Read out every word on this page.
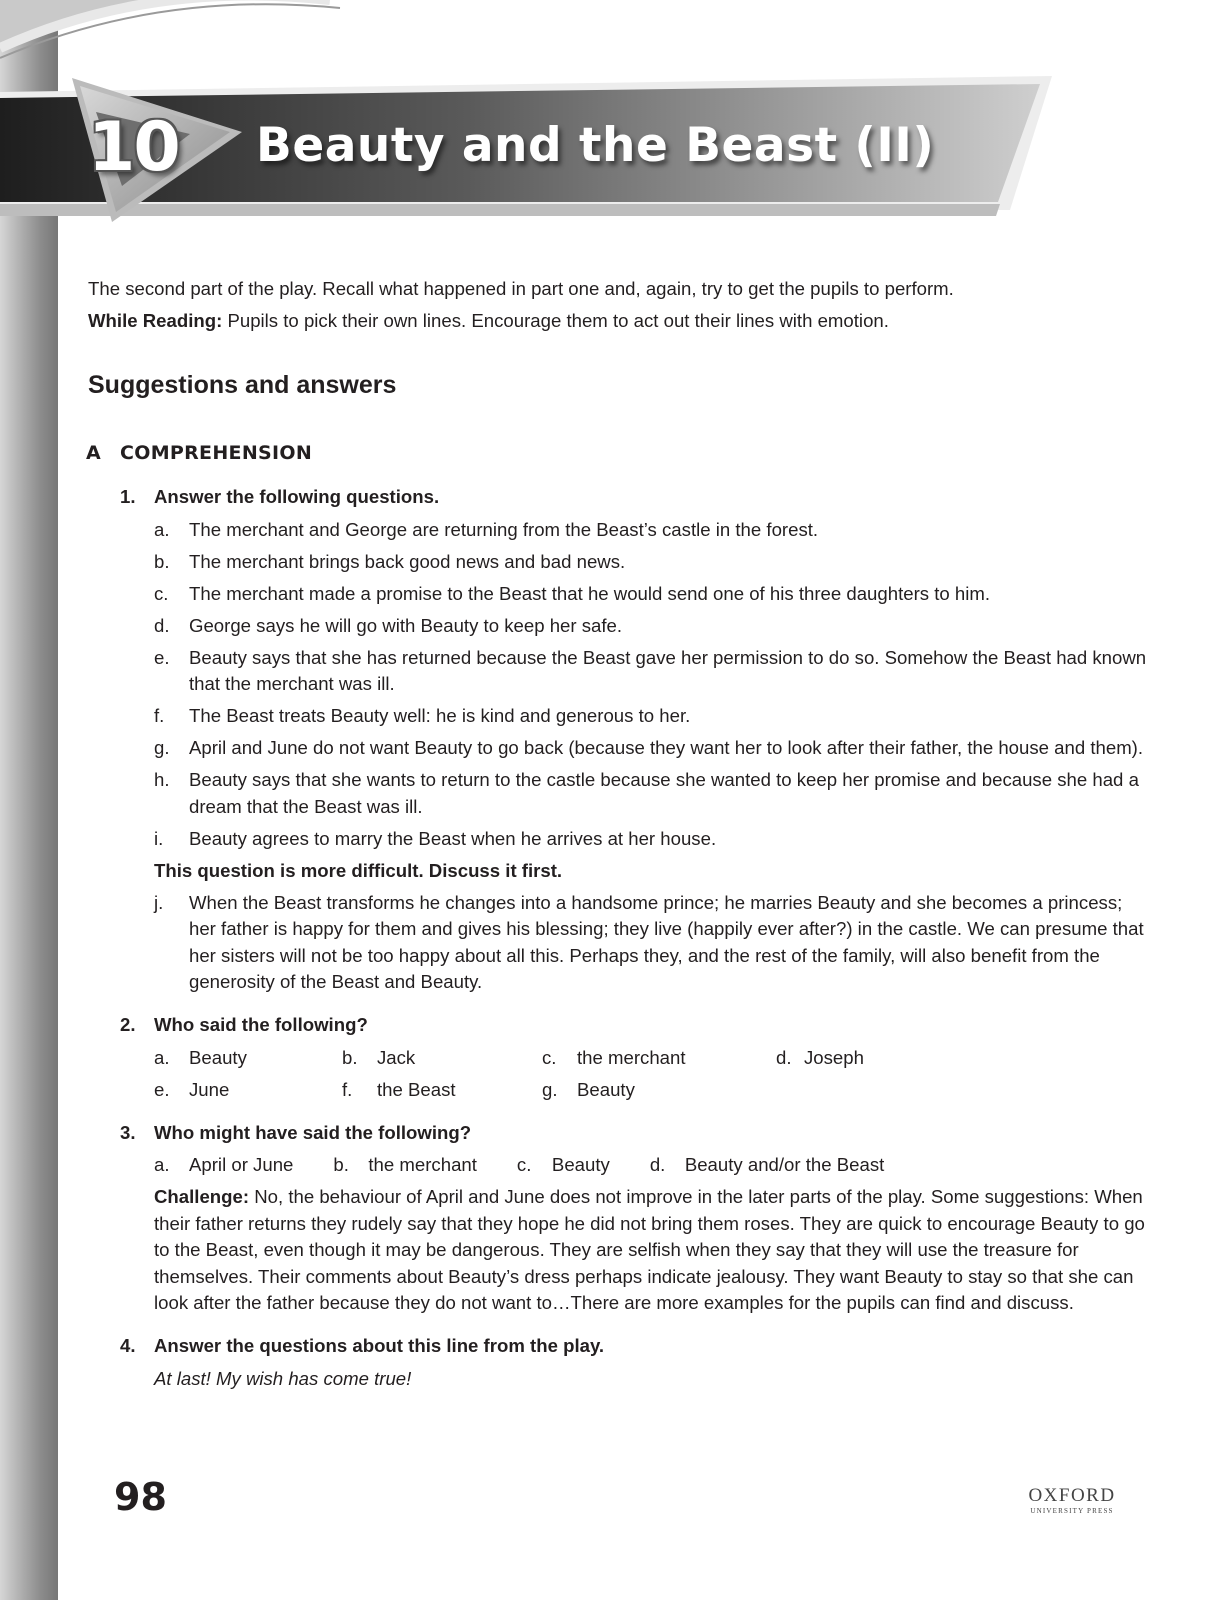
10 Beauty and the Beast (II)

The second part of the play. Recall what happened in part one and, again, try to get the pupils to perform.

While Reading: Pupils to pick their own lines. Encourage them to act out their lines with emotion.

Suggestions and answers

A COMPREHENSION

1. Answer the following questions.

a.	The merchant and George are returning from the Beast’s castle in the forest.
b.	The merchant brings back good news and bad news.
c.	The merchant made a promise to the Beast that he would send one of his three daughters to him.
d.	George says he will go with Beauty to keep her safe.
e.	Beauty says that she has returned because the Beast gave her permission to do so. Somehow the Beast had known that the merchant was ill.
f.	The Beast treats Beauty well: he is kind and generous to her.
g.	April and June do not want Beauty to go back (because they want her to look after their father, the house and them).
h.	Beauty says that she wants to return to the castle because she wanted to keep her promise and because she had a dream that the Beast was ill.
i.	Beauty agrees to marry the Beast when he arrives at her house.

This question is more difficult. Discuss it first.

j.	When the Beast transforms he changes into a handsome prince; he marries Beauty and she becomes a princess; her father is happy for them and gives his blessing; they live (happily ever after?) in the castle. We can presume that her sisters will not be too happy about all this. Perhaps they, and the rest of the family, will also benefit from the generosity of the Beast and Beauty.
2. Who said the following?

a.	Beauty	b.	Jack	c.	the merchant	d. Joseph
e.	June	f.	the Beast	g.	Beauty
3. Who might have said the following?

a.	April or June b.	the merchant c.	Beauty d.	Beauty and/or the Beast

Challenge: No, the behaviour of April and June does not improve in the later parts of the play. Some suggestions: When their father returns they rudely say that they hope he did not bring them roses. They are quick to encourage Beauty to go to the Beast, even though it may be dangerous. They are selfish when they say that they will use the treasure for themselves. Their comments about Beauty’s dress perhaps indicate jealousy. They want Beauty to stay so that she can look after the father because they do not want to…There are more examples for the pupils can find and discuss.

4. Answer the questions about this line from the play.

At last! My wish has come true!

98	OXFORD
UNIVERSITY PRESS
